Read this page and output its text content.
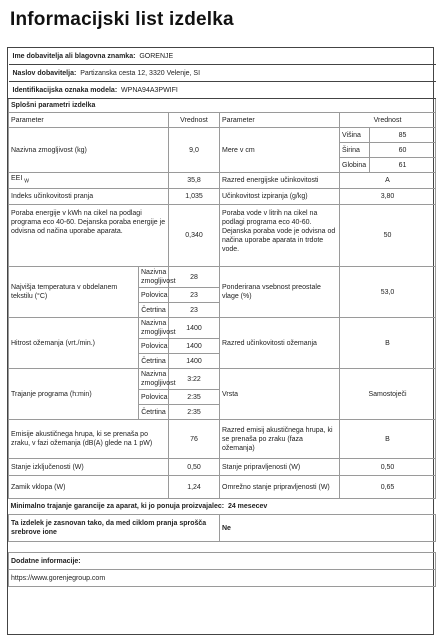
Informacijski list izdelka
Ime dobavitelja ali blagovna znamka: GORENJE					
Naslov dobavitelja: Partizanska cesta 12, 3320 Velenje, SI					
Identifikacijska oznaka modela: WPNA94A3PWIFI					
Splošni parametri izdelka					
Parameter		Vrednost	Parameter	Vrednost	
Nazivna zmogljivost (kg)		9,0	Mere v cm	Višina	85
				Širina	60
				Globina	61
EEI $_W$		35,8	Razred energijske učinkovitosti	A	
Indeks učinkovitosti pranja		1,035	Učinkovitost izpiranja (g/kg)	3,80	
Poraba energije v kWh na cikel na podlagi programa eco 40-60. Dejanska poraba energije je odvisna od načina uporabe aparata.		0,340	Poraba vode v litrih na cikel na podlagi programa eco 40-60. Dejanska poraba vode je odvisna od načina uporabe aparata in trdote vode.	50	
Najvišja temperatura v obdelanem tekstilu (°C)	Nazivna zmogljivost	28	Ponderirana vsebnost preostale vlage (%)	53,0	
	Polovica	23			
	Četrtina	23			
Hitrost ožemanja (vrt./min.)	Nazivna zmogljivost	1400	Razred učinkovitosti ožemanja	B	
	Polovica	1400			
	Četrtina	1400			
Trajanje programa (h:min)	Nazivna zmogljivost	3:22	Vrsta	Samostoječi	
	Polovica	2:35			
	Četrtina	2:35			
Emisije akustičnega hrupa, ki se prenaša po zraku, v fazi ožemanja (dB(A) glede na 1 pW)		76	Razred emisij akustičnega hrupa, ki se prenaša po zraku (faza ožemanja)	B	
Stanje izključenosti (W)		0,50	Stanje pripravljenosti (W)	0,50	
Zamik vklopa (W)		1,24	Omrežno stanje pripravljenosti (W)	0,65	
Minimalno trajanje garancije za aparat, ki jo ponuja proizvajalec: 24 mesecev					
Ta izdelek je zasnovan tako, da med ciklom pranja sprošča srebrove ione			Ne		

Dodatne informacije:					
https://www.gorenjegroup.com					
